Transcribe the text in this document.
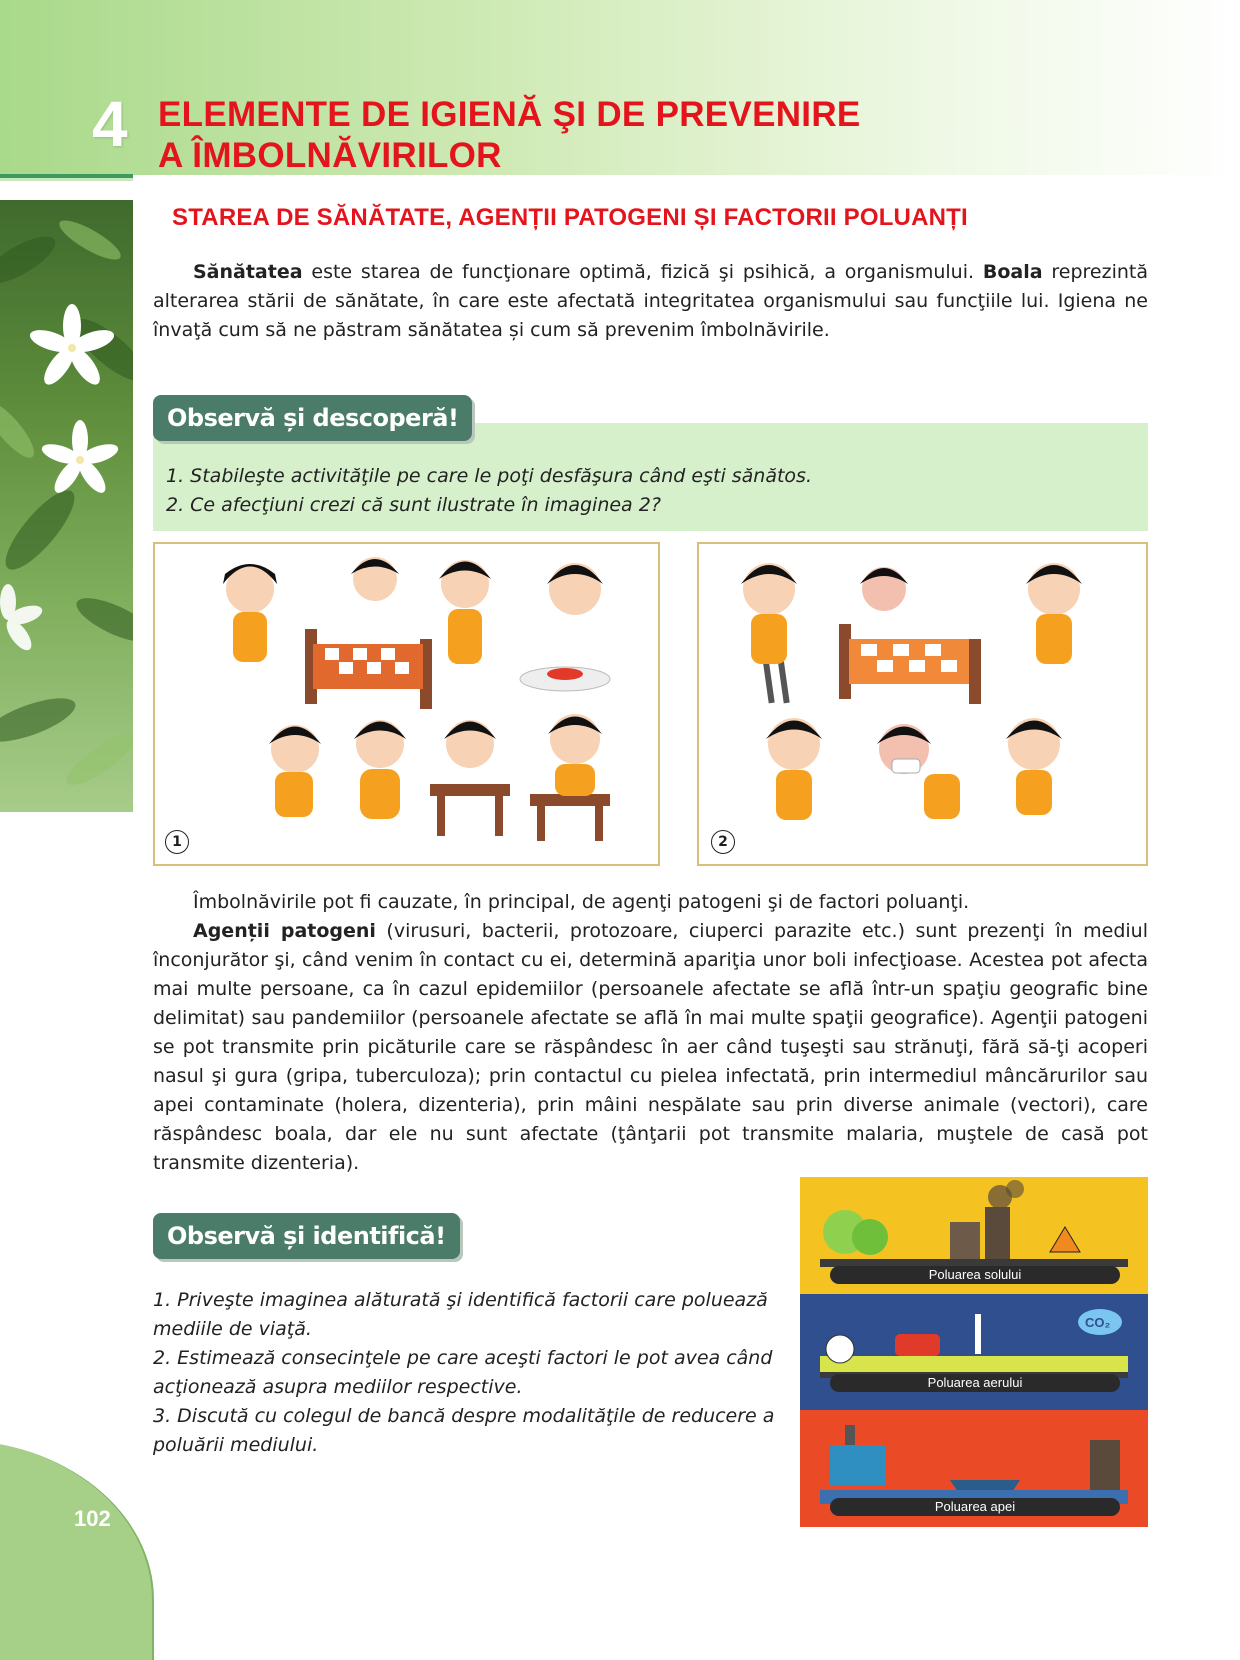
4 ELEMENTE DE IGIENĂ ŞI DE PREVENIRE
A ÎMBOLNĂVIRILOR
STAREA DE SĂNĂTATE, AGENȚII PATOGENI ȘI FACTORII POLUANȚI

Sănătatea este starea de funcţionare optimă, fizică şi psihică, a organismului. Boala reprezintă alterarea stării de sănătate, în care este afectată integritatea organismului sau funcţiile lui. Igiena ne învaţă cum să ne păstram sănătatea și cum să prevenim îmbolnăvirile.

Observă și descoperă!
1. Stabileşte activităţile pe care le poţi desfăşura când eşti sănătos.
2. Ce afecţiuni crezi că sunt ilustrate în imaginea 2?
1	2

Îmbolnăvirile pot fi cauzate, în principal, de agenţi patogeni şi de factori poluanţi.

Agenții patogeni (virusuri, bacterii, protozoare, ciuperci parazite etc.) sunt prezenţi în mediul înconjurător şi, când venim în contact cu ei, determină apariţia unor boli infecţioase. Acestea pot afecta mai multe persoane, ca în cazul epidemiilor (persoanele afectate se află într-un spaţiu geografic bine delimitat) sau pandemiilor (persoanele afectate se află în mai multe spaţii geografice). Agenţii patogeni se pot transmite prin picăturile care se răspândesc în aer când tuşeşti sau strănuţi, fără să-ţi acoperi nasul şi gura (gripa, tuberculoza); prin contactul cu pielea infectată, prin intermediul mâncărurilor sau apei contaminate (holera, dizenteria), prin mâini nespălate sau prin diverse animale (vectori), care răspândesc boala, dar ele nu sunt afectate (ţânţarii pot transmite malaria, muştele de casă pot transmite dizenteria).

Observă și identifică!
1. Priveşte imaginea alăturată şi identifică factorii care poluează mediile de viaţă.
2. Estimează consecinţele pe care aceşti factori le pot avea când acţionează asupra mediilor respective.
3. Discută cu colegul de bancă despre modalităţile de reducere a poluării mediului.
Poluarea solului
CO₂
Poluarea aerului
Poluarea apei
102
